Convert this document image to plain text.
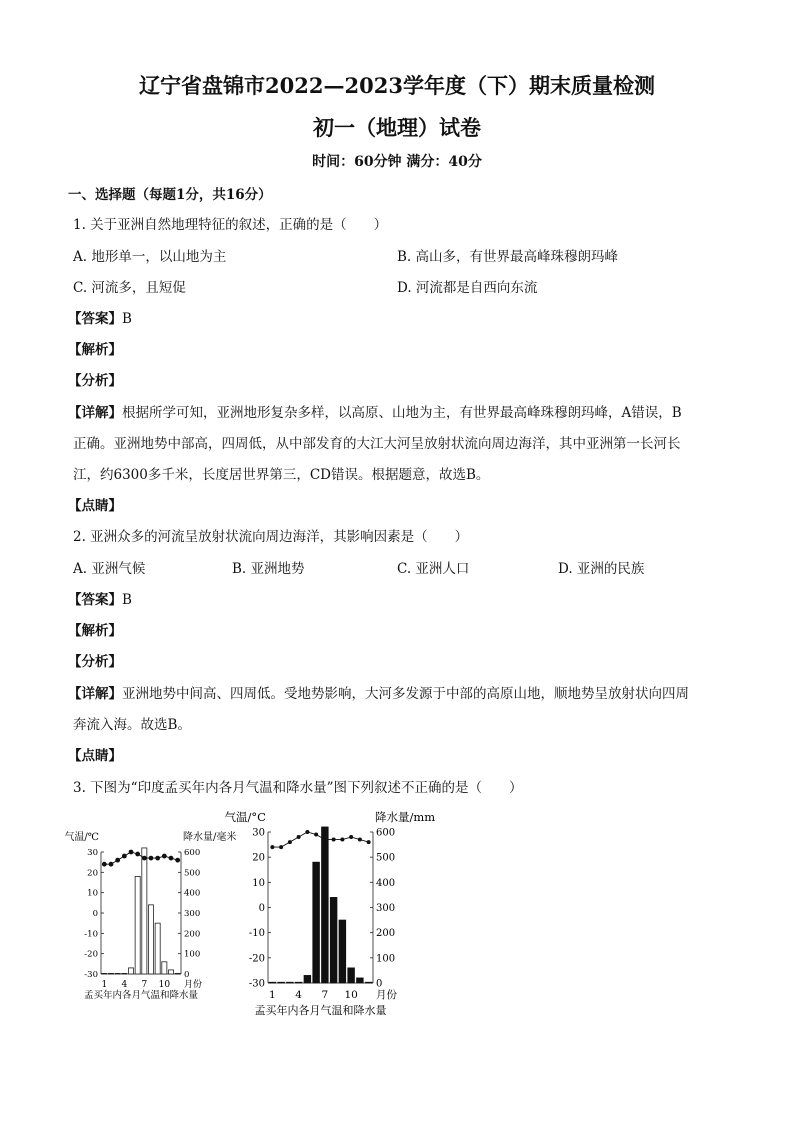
辽宁省盘锦市2022—2023学年度（下）期末质量检测
初一（地理）试卷
时间：60分钟 满分：40分
一、选择题（每题1分，共16分）
1. 关于亚洲自然地理特征的叙述，正确的是（　　）
A. 地形单一，以山地为主	B. 高山多，有世界最高峰珠穆朗玛峰
C. 河流多，且短促	D. 河流都是自西向东流
【答案】B
【解析】
【分析】
【详解】根据所学可知，亚洲地形复杂多样，以高原、山地为主，有世界最高峰珠穆朗玛峰，A错误，B
正确。亚洲地势中部高，四周低，从中部发育的大江大河呈放射状流向周边海洋，其中亚洲第一长河长
江，约6300多千米，长度居世界第三，CD错误。根据题意，故选B。
【点睛】
2. 亚洲众多的河流呈放射状流向周边海洋，其影响因素是（　　）
A. 亚洲气候	B. 亚洲地势	C. 亚洲人口	D. 亚洲的民族
【答案】B
【解析】
【分析】
【详解】亚洲地势中间高、四周低。受地势影响，大河多发源于中部的高原山地，顺地势呈放射状向四周
奔流入海。故选B。
【点睛】
3. 下图为“印度孟买年内各月气温和降水量”图下列叙述不正确的是（　　）
气温/℃	降水量/毫米
30
20
10
0
-10
-20
-30
600
500
400
300
200
100
0
1 4 7 10 月份
孟买年内各月气温和降水量
气温/°C	降水量/mm
30
20
10
0
-10
-20
-30
600
500
400
300
200
100
0
1 4 7 10 月份
孟买年内各月气温和降水量
